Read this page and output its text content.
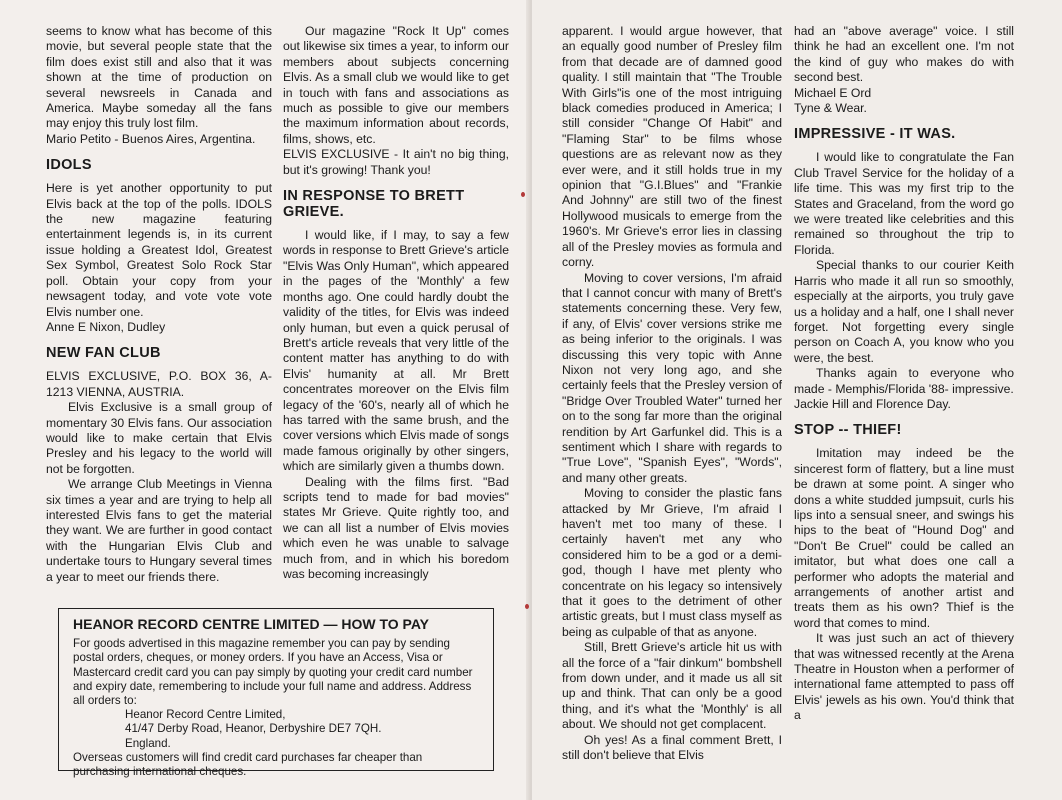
seems to know what has become of this movie, but several people state that the film does exist still and also that it was shown at the time of production on several newsreels in Canada and America. Maybe someday all the fans may enjoy this truly lost film.

Mario Petito - Buenos Aires, Argentina.

IDOLS

Here is yet another opportunity to put Elvis back at the top of the polls. IDOLS the new magazine featuring entertainment legends is, in its current issue holding a Greatest Idol, Greatest Sex Symbol, Greatest Solo Rock Star poll. Obtain your copy from your newsagent today, and vote vote vote Elvis number one.

Anne E Nixon, Dudley

NEW FAN CLUB

ELVIS EXCLUSIVE, P.O. BOX 36, A-1213 VIENNA, AUSTRIA.

Elvis Exclusive is a small group of momentary 30 Elvis fans. Our association would like to make certain that Elvis Presley and his legacy to the world will not be forgotten.

We arrange Club Meetings in Vienna six times a year and are trying to help all interested Elvis fans to get the material they want. We are further in good contact with the Hungarian Elvis Club and undertake tours to Hungary several times a year to meet our friends there.

Our magazine "Rock It Up" comes out likewise six times a year, to inform our members about subjects concerning Elvis. As a small club we would like to get in touch with fans and associations as much as possible to give our members the maximum information about records, films, shows, etc.

ELVIS EXCLUSIVE - It ain't no big thing, but it's growing! Thank you!

IN RESPONSE TO BRETT GRIEVE.

I would like, if I may, to say a few words in response to Brett Grieve's article "Elvis Was Only Human", which appeared in the pages of the 'Monthly' a few months ago. One could hardly doubt the validity of the titles, for Elvis was indeed only human, but even a quick perusal of Brett's article reveals that very little of the content matter has anything to do with Elvis' humanity at all. Mr Brett concentrates moreover on the Elvis film legacy of the '60's, nearly all of which he has tarred with the same brush, and the cover versions which Elvis made of songs made famous originally by other singers, which are similarly given a thumbs down.

Dealing with the films first. "Bad scripts tend to made for bad movies" states Mr Grieve. Quite rightly too, and we can all list a number of Elvis movies which even he was unable to salvage much from, and in which his boredom was becoming increasingly

HEANOR RECORD CENTRE LIMITED — HOW TO PAY

For goods advertised in this magazine remember you can pay by sending postal orders, cheques, or money orders. If you have an Access, Visa or Mastercard credit card you can pay simply by quoting your credit card number and expiry date, remembering to include your full name and address. Address all orders to:

Heanor Record Centre Limited,

41/47 Derby Road, Heanor, Derbyshire DE7 7QH.

England.

Overseas customers will find credit card purchases far cheaper than purchasing international cheques.

apparent. I would argue however, that an equally good number of Presley film from that decade are of damned good quality. I still maintain that "The Trouble With Girls"is one of the most intriguing black comedies produced in America; I still consider "Change Of Habit" and "Flaming Star" to be films whose questions are as relevant now as they ever were, and it still holds true in my opinion that "G.I.Blues" and "Frankie And Johnny" are still two of the finest Hollywood musicals to emerge from the 1960's. Mr Grieve's error lies in classing all of the Presley movies as formula and corny.

Moving to cover versions, I'm afraid that I cannot concur with many of Brett's statements concerning these. Very few, if any, of Elvis' cover versions strike me as being inferior to the originals. I was discussing this very topic with Anne Nixon not very long ago, and she certainly feels that the Presley version of "Bridge Over Troubled Water" turned her on to the song far more than the original rendition by Art Garfunkel did. This is a sentiment which I share with regards to "True Love", "Spanish Eyes", "Words", and many other greats.

Moving to consider the plastic fans attacked by Mr Grieve, I'm afraid I haven't met too many of these. I certainly haven't met any who considered him to be a god or a demi-god, though I have met plenty who concentrate on his legacy so intensively that it goes to the detriment of other artistic greats, but I must class myself as being as culpable of that as anyone.

Still, Brett Grieve's article hit us with all the force of a "fair dinkum" bombshell from down under, and it made us all sit up and think. That can only be a good thing, and it's what the 'Monthly' is all about. We should not get complacent.

Oh yes! As a final comment Brett, I still don't believe that Elvis

had an "above average" voice. I still think he had an excellent one. I'm not the kind of guy who makes do with second best.

Michael E Ord

Tyne & Wear.

IMPRESSIVE - IT WAS.

I would like to congratulate the Fan Club Travel Service for the holiday of a life time. This was my first trip to the States and Graceland, from the word go we were treated like celebrities and this remained so throughout the trip to Florida.

Special thanks to our courier Keith Harris who made it all run so smoothly, especially at the airports, you truly gave us a holiday and a half, one I shall never forget. Not forgetting every single person on Coach A, you know who you were, the best.

Thanks again to everyone who made - Memphis/Florida '88- impressive.

Jackie Hill and Florence Day.

STOP -- THIEF!

Imitation may indeed be the sincerest form of flattery, but a line must be drawn at some point. A singer who dons a white studded jumpsuit, curls his lips into a sensual sneer, and swings his hips to the beat of "Hound Dog" and "Don't Be Cruel" could be called an imitator, but what does one call a performer who adopts the material and arrangements of another artist and treats them as his own? Thief is the word that comes to mind.

It was just such an act of thievery that was witnessed recently at the Arena Theatre in Houston when a performer of international fame attempted to pass off Elvis' jewels as his own. You'd think that a
